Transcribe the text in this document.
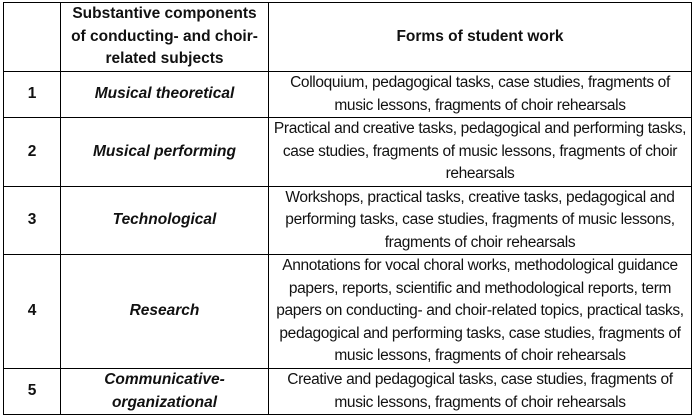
	Substantive components of conducting- and choir-related subjects	Forms of student work
1	Musical theoretical	Colloquium, pedagogical tasks, case studies, fragments of music lessons, fragments of choir rehearsals
2	Musical performing	Practical and creative tasks, pedagogical and performing tasks, case studies, fragments of music lessons, fragments of choir rehearsals
3	Technological	Workshops, practical tasks, creative tasks, pedagogical and performing tasks, case studies, fragments of music lessons, fragments of choir rehearsals
4	Research	Annotations for vocal choral works, methodological guidance papers, reports, scientific and methodological reports, term papers on conducting- and choir-related topics, practical tasks, pedagogical and performing tasks, case studies, fragments of music lessons, fragments of choir rehearsals
5	Communicative-organizational	Creative and pedagogical tasks, case studies, fragments of music lessons, fragments of choir rehearsals
